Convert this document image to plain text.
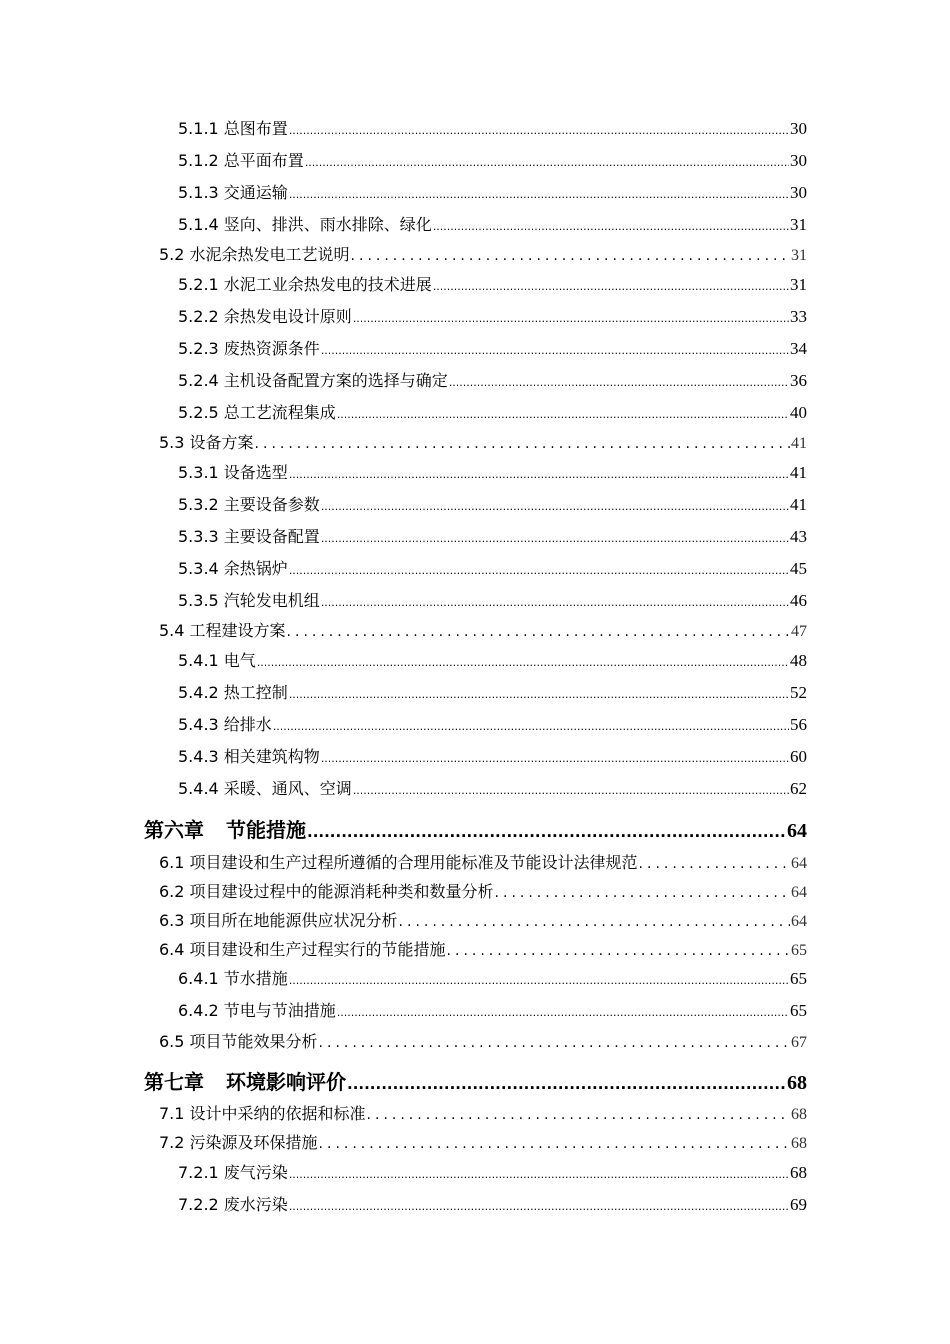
5.1.1 总图布置 .....	30
5.1.2 总平面布置 .....	30
5.1.3 交通运输 .....	30
5.1.4 竖向、排洪、雨水排除、绿化 .....	31
5.2 水泥余热发电工艺说明 .....	31
5.2.1 水泥工业余热发电的技术进展 .....	31
5.2.2 余热发电设计原则 .....	33
5.2.3 废热资源条件 .....	34
5.2.4 主机设备配置方案的选择与确定 .....	36
5.2.5 总工艺流程集成 .....	40
5.3 设备方案 .....	41
5.3.1 设备选型 .....	41
5.3.2 主要设备参数 .....	41
5.3.3 主要设备配置 .....	43
5.3.4 余热锅炉 .....	45
5.3.5 汽轮发电机组 .....	46
5.4 工程建设方案 .....	47
5.4.1 电气 .....	48
5.4.2 热工控制 .....	52
5.4.3 给排水 .....	56
5.4.3 相关建筑构物 .....	60
5.4.4 采暖、通风、空调 .....	62
第六章 节能措施 .....	64
6.1 项目建设和生产过程所遵循的合理用能标准及节能设计法律规范 .....	64
6.2 项目建设过程中的能源消耗种类和数量分析 .....	64
6.3 项目所在地能源供应状况分析 .....	64
6.4 项目建设和生产过程实行的节能措施 .....	65
6.4.1 节水措施 .....	65
6.4.2 节电与节油措施 .....	65
6.5 项目节能效果分析 .....	67
第七章 环境影响评价 .....	68
7.1 设计中采纳的依据和标准 .....	68
7.2 污染源及环保措施 .....	68
7.2.1 废气污染 .....	68
7.2.2 废水污染 .....	69
